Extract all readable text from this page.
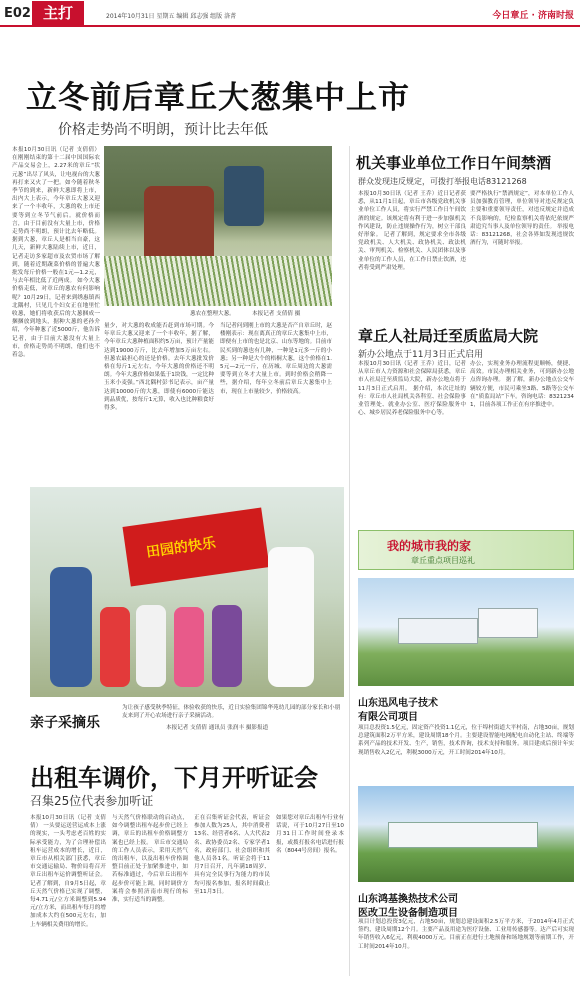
E02 主打	2014年10月31日 星期五 编辑 邱志强 组版 洛菁	今日章丘 · 济南时报
立冬前后章丘大葱集中上市
价格走势尚不明朗，预计比去年低
本报10月30日讯（记者 支倩倩） 在刚刚结束的第十二届中国国际农产品交易会上，2.27米的章丘“状元葱”出尽了风头，让电视台的大葱再打来又火了一把。如今随着秋冬季节的到来，新鲜大葱即将上市，出内大上表示，今年章丘大葱又迎来了一个丰收年，大葱的收上市还要等到立冬节气前后。就价格而言，由于目前没有大量上市，价格走势尚不明朗，预计比去年略低。 据到大葱，章丘人是相当自豪，这几天，新鲜大葱陆续上市，近日，记者走访多家超市及农贸市场了解到，随着近期蔬菜价格的普遍大葱批发每斤价格一般在1元—1.2元，与去年相比低了近两成。 如今大葱价格走低，对章丘的葱农有何影响呢？10月29日，记者来到绣惠镇西北隅村，只见几个妇女正在地里忙收葱，她们将收获后的大葱捆成一捆捆放到地头，据种大葱的老孙介绍，今年种葱了近5000斤，他告诉记者，由于目前大葱没有大量上市，价格走势尚不明朗，他们也不着急。
葱农在整理大葱。	本报记者 支倩倩 摄
量少，对大葱的收成能否赶到市场可期。今年章丘大葱又迎来了一个丰收年，据了解，今年章丘大葱种植面积约5万亩，预计产量能达到19000万斤，比去年增加5万亩左右。但葱农最担心的还是价格。去年大葱批发价格在每斤1元左右，今年大葱的价格还不明朗。今年大葱价格如果低于1块钱，一定比种玉米小麦强。”西北隅村彭书记表示，亩产量达到10000斤的大葱，即使有6000斤能达到品质优，按每斤1元算，收入也比种粮食好得多。
当记者问到刚上市的大葱是否产自章丘时，赵楼刚表示：现在离真正的章丘大葱集中上市，即便有上市的也是北京、山东等地的。目前市民买到的葱也有几种，一种是1元多一斤的小葱；另一种是大个的梧桐大葱，这个价格在1.5元—2元一斤，在历城、章丘周边的大葱需要等到立冬才大量上市。到时价格会稍降一些，据介绍，每年立冬前后章丘大葱集中上市，现在上市量较少，价格较高。
机关事业单位工作日午间禁酒
群众发现违反规定，可拨打举报电话83121268
本报10月30日讯（记者 王乔）近日记者获悉，从11月1日起，章丘市各级党政机关事业单位工作人员，将实行严禁工作日午间饮酒的规定。该规定将有利于进一步加强机关作风建设，防止违规操作行为，树立干部良好形象。 记者了解到，规定要求全市各级党政机关、人大机关、政协机关、政法机关、审判机关、检察机关、人民团体以及事业单位的工作人员，在工作日禁止饮酒，违者将受到严肃处理。
要严格执行“禁酒规定”，对本单位工作人员加强教育管理，单位领导对违反规定负主要和重要领导责任，对违反规定并造成不良影响的，纪检监察机关将依纪依规严肃追究当事人及单位领导的责任。 举报电话：83121268，社会各界如发现违规饮酒行为，可随时举报。
章丘人社局迁至质监局大院
新办公地点于11月3日正式启用
本报10月30日讯（记者 王乔）近日，记者从章丘市人力资源和社会保障局获悉，章丘市人社局迁至质监局大院，新办公地点将于11月3日正式启用。 据介绍，本次迁址的有：章丘市人社局机关各科室、社会保险事业管理处、就业办公室、医疗保险服务中心、城乡居民养老保险服务中心等。
办公，实现业务办理流程更顺畅，便捷、高效。市民办理相关业务，可到新办公地点咨询办理。 据了解，新办公地点公交车辆较方便，市民可乘坐3路、5路等公交车在“质监局站”下车。咨询电话：83212341，目前各项工作正在有序推进中。
我的城市我的家
章丘重点项目巡礼
山东迅风电子技术
有限公司项目
项目总投资1.5亿元，固定资产投资1.1亿元，位于埠村街道大平村南，占地30亩，规划总建筑面积2万平方米，建设周期18个月。主要建设智能电网配电自动化主站、终端等系列产品的技术开发、生产，销售，技术咨询，技术支持和服务。项目建成后预计年实现销售收入2亿元，利税3000万元，开工时间2014年10月。
山东鸿基換热技术公司
医改卫生设备制造项目
项目计划总投资3亿元，占地50亩，规划总建设面积2.5万平方米，于2014年4月正式签约，建设周期12个月。主要产品及用途为医疗设备、工业用传感器等。达产后可实现年销售收入6亿元，利税4000万元。目前正在进行土地预备和场地规划等前期工作，开工时间2014年10月。
田园的快乐
亲子采摘乐
为让孩子感受秋季特征，体验收获的快乐，近日实验集团锦华苑幼儿园的部分家长和小朋友来到了开心农场进行亲子采摘活动。
本报记者 支倩倩 通讯员 张润丰 摄影报道
出租车调价，下月开听证会
召集25位代表参加听证
本报10月30日讯（记者 支倩倩） 一头要运送营运成本上涨的现实，一头考虑老百姓的实际承受能力，为了合理补偿出租车运营成本的增长，近日，章丘市从相关部门获悉，章丘市交通运输局、物价局将召开章丘出租车运价调整听证会。 记者了解到，自9月5日起，章丘天然气价格已实现了调整，每4.71元/立方米调整到5.94元/立方米，而出租车每月的增加成本大约在500元左右，加上车辆相关费用的增长。
与天然气价格联动的启动点，如今调整出租车起步价已经上调，章丘的出租车价格调整方案也已经上报。 章丘市交通局的工作人员表示，采用天然气的出租车，以及出租车价格调整目前正处于加紧推进中，如若标准通过，今后章丘出租车起步价可能上调，同时调价方案将会参照济南市现行的标准，实行适当的调整。
正在召集听证会代表，听证会参加人数为25人，其中消费者13名、经营者6名、人大代表2名、政协委员2名、专家学者1名，政府部门、社会组织和其他人员各1名。听证会将于11月7日召开，凡年满18周岁、具有完全民事行为能力的市民均可报名参加，报名时间截止至11月3日。
如果您对章丘出租车行业有话说，可于10月27日至10月31日工作时间登录本报，或拨打报名电话进行报名（8044号房间）报名。
